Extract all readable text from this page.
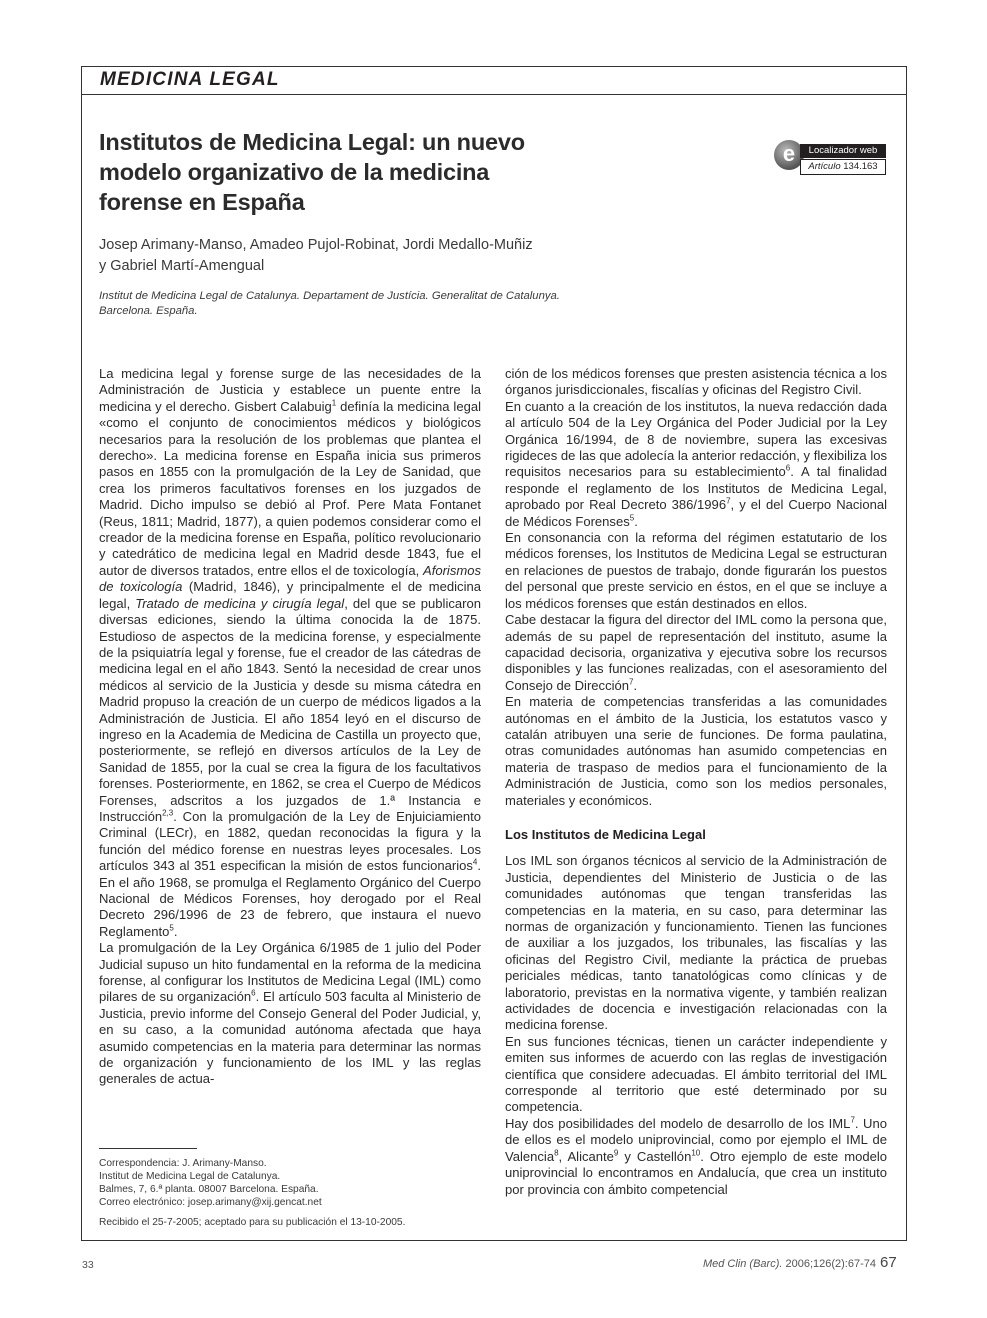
MEDICINA LEGAL
Institutos de Medicina Legal: un nuevo modelo organizativo de la medicina forense en España
e	Localizador web
Artículo 134.163

Josep Arimany-Manso, Amadeo Pujol-Robinat, Jordi Medallo-Muñiz
y Gabriel Martí-Amengual

Institut de Medicina Legal de Catalunya. Departament de Justícia. Generalitat de Catalunya.
Barcelona. España.

La medicina legal y forense surge de las necesidades de la Administración de Justicia y establece un puente entre la medicina y el derecho. Gisbert Calabuig$^1$ definía la medicina legal «como el conjunto de conocimientos médicos y biológicos necesarios para la resolución de los problemas que plantea el derecho». La medicina forense en España inicia sus primeros pasos en 1855 con la promulgación de la Ley de Sanidad, que crea los primeros facultativos forenses en los juzgados de Madrid. Dicho impulso se debió al Prof. Pere Mata Fontanet (Reus, 1811; Madrid, 1877), a quien podemos considerar como el creador de la medicina forense en España, político revolucionario y catedrático de medicina legal en Madrid desde 1843, fue el autor de diversos tratados, entre ellos el de toxicología, Aforismos de toxicología (Madrid, 1846), y principalmente el de medicina legal, Tratado de medicina y cirugía legal, del que se publicaron diversas ediciones, siendo la última conocida la de 1875. Estudioso de aspectos de la medicina forense, y especialmente de la psiquiatría legal y forense, fue el creador de las cátedras de medicina legal en el año 1843. Sentó la necesidad de crear unos médicos al servicio de la Justicia y desde su misma cátedra en Madrid propuso la creación de un cuerpo de médicos ligados a la Administración de Justicia. El año 1854 leyó en el discurso de ingreso en la Academia de Medicina de Castilla un proyecto que, posteriormente, se reflejó en diversos artículos de la Ley de Sanidad de 1855, por la cual se crea la figura de los facultativos forenses. Posteriormente, en 1862, se crea el Cuerpo de Médicos Forenses, adscritos a los juzgados de 1.ª Instancia e Instrucción$^{2,3}$. Con la promulgación de la Ley de Enjuiciamiento Criminal (LECr), en 1882, quedan reconocidas la figura y la función del médico forense en nuestras leyes procesales. Los artículos 343 al 351 especifican la misión de estos funcionarios$^4$. En el año 1968, se promulga el Reglamento Orgánico del Cuerpo Nacional de Médicos Forenses, hoy derogado por el Real Decreto 296/1996 de 23 de febrero, que instaura el nuevo Reglamento$^5$.

La promulgación de la Ley Orgánica 6/1985 de 1 julio del Poder Judicial supuso un hito fundamental en la reforma de la medicina forense, al configurar los Institutos de Medicina Legal (IML) como pilares de su organización$^6$. El artículo 503 faculta al Ministerio de Justicia, previo informe del Consejo General del Poder Judicial, y, en su caso, a la comunidad autónoma afectada que haya asumido competencias en la materia para determinar las normas de organización y funcionamiento de los IML y las reglas generales de actua-

ción de los médicos forenses que presten asistencia técnica a los órganos jurisdiccionales, fiscalías y oficinas del Registro Civil.

En cuanto a la creación de los institutos, la nueva redacción dada al artículo 504 de la Ley Orgánica del Poder Judicial por la Ley Orgánica 16/1994, de 8 de noviembre, supera las excesivas rigideces de las que adolecía la anterior redacción, y flexibiliza los requisitos necesarios para su establecimiento$^6$. A tal finalidad responde el reglamento de los Institutos de Medicina Legal, aprobado por Real Decreto 386/1996$^7$, y el del Cuerpo Nacional de Médicos Forenses$^5$.

En consonancia con la reforma del régimen estatutario de los médicos forenses, los Institutos de Medicina Legal se estructuran en relaciones de puestos de trabajo, donde figurarán los puestos del personal que preste servicio en éstos, en el que se incluye a los médicos forenses que están destinados en ellos.

Cabe destacar la figura del director del IML como la persona que, además de su papel de representación del instituto, asume la capacidad decisoria, organizativa y ejecutiva sobre los recursos disponibles y las funciones realizadas, con el asesoramiento del Consejo de Dirección$^7$.

En materia de competencias transferidas a las comunidades autónomas en el ámbito de la Justicia, los estatutos vasco y catalán atribuyen una serie de funciones. De forma paulatina, otras comunidades autónomas han asumido competencias en materia de traspaso de medios para el funcionamiento de la Administración de Justicia, como son los medios personales, materiales y económicos.

Los Institutos de Medicina Legal

Los IML son órganos técnicos al servicio de la Administración de Justicia, dependientes del Ministerio de Justicia o de las comunidades autónomas que tengan transferidas las competencias en la materia, en su caso, para determinar las normas de organización y funcionamiento. Tienen las funciones de auxiliar a los juzgados, los tribunales, las fiscalías y las oficinas del Registro Civil, mediante la práctica de pruebas periciales médicas, tanto tanatológicas como clínicas y de laboratorio, previstas en la normativa vigente, y también realizan actividades de docencia e investigación relacionadas con la medicina forense.

En sus funciones técnicas, tienen un carácter independiente y emiten sus informes de acuerdo con las reglas de investigación científica que considere adecuadas. El ámbito territorial del IML corresponde al territorio que esté determinado por su competencia.

Hay dos posibilidades del modelo de desarrollo de los IML$^7$. Uno de ellos es el modelo uniprovincial, como por ejemplo el IML de Valencia$^8$, Alicante$^9$ y Castellón$^{10}$. Otro ejemplo de este modelo uniprovincial lo encontramos en Andalucía, que crea un instituto por provincia con ámbito competencial

Correspondencia: J. Arimany-Manso.
Institut de Medicina Legal de Catalunya.
Balmes, 7, 6.ª planta. 08007 Barcelona. España.
Correo electrónico: josep.arimany@xij.gencat.net
Recibido el 25-7-2005; aceptado para su publicación el 13-10-2005.
33	Med Clin (Barc). 2006;126(2):67-74 67
